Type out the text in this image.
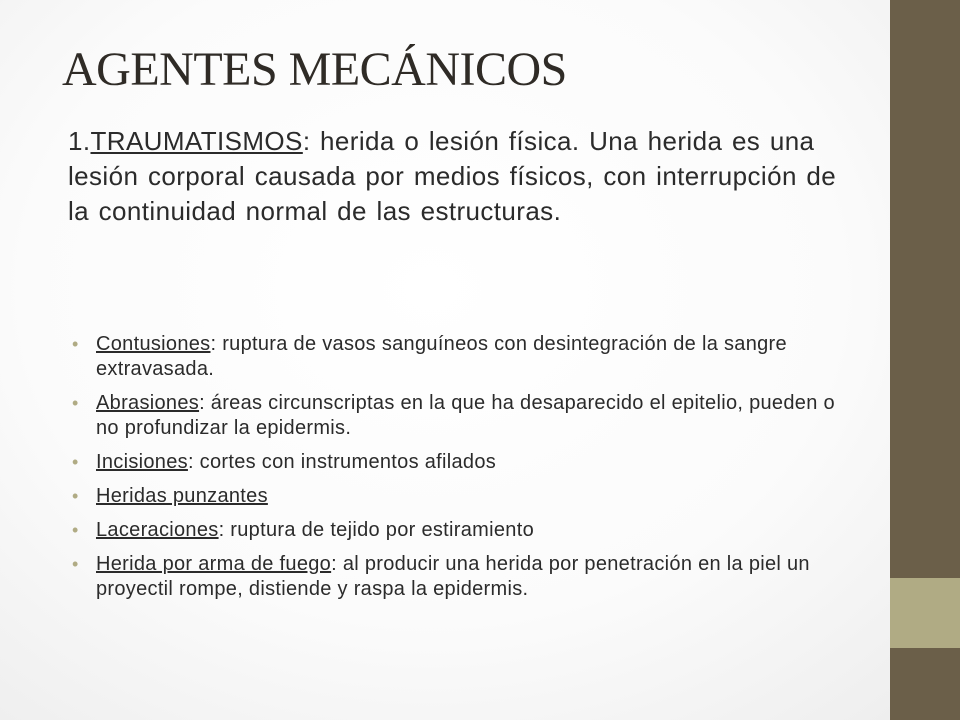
AGENTES MECÁNICOS

1.TRAUMATISMOS: herida o lesión física. Una herida es una lesión corporal causada por medios físicos, con interrupción de la continuidad normal de las estructuras.

• Contusiones: ruptura de vasos sanguíneos con desintegración de la sangre extravasada.
• Abrasiones: áreas circunscriptas en la que ha desaparecido el epitelio, pueden o no profundizar la epidermis.
• Incisiones: cortes con instrumentos afilados
• Heridas punzantes
• Laceraciones: ruptura de tejido por estiramiento
• Herida por arma de fuego: al producir una herida por penetración en la piel un proyectil rompe, distiende y raspa la epidermis.
